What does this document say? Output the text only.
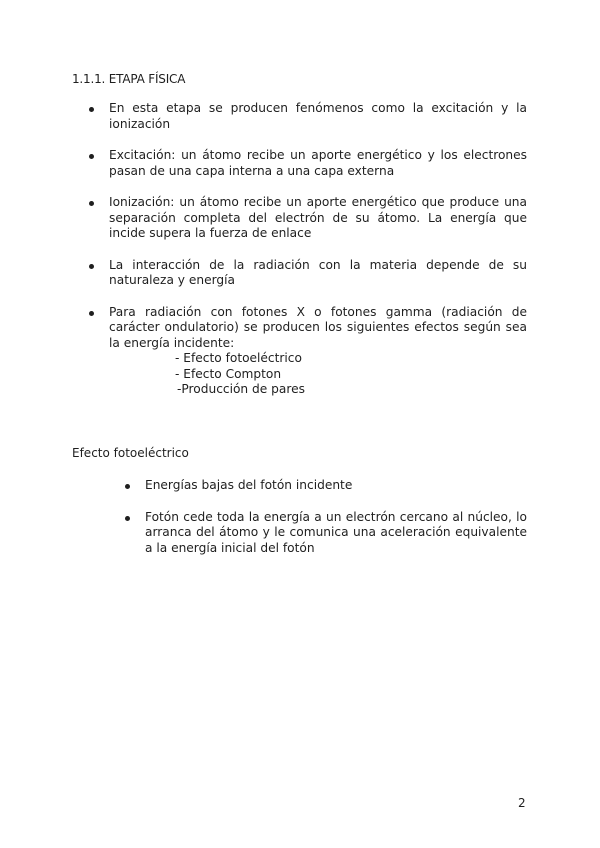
1.1.1. ETAPA FÍSICA
En esta etapa se producen fenómenos como la excitación y la ionización
Excitación: un átomo recibe un aporte energético y los electrones pasan de una capa interna a una capa externa
Ionización: un átomo recibe un aporte energético que produce una separación completa del electrón de su átomo. La energía que incide supera la fuerza de enlace
La interacción de la radiación con la materia depende de su naturaleza y energía
Para radiación con fotones X o fotones gamma (radiación de carácter ondulatorio) se producen los siguientes efectos según sea la energía incidente:
- Efecto fotoeléctrico
- Efecto Compton
-Producción de pares
Efecto fotoeléctrico
Energías bajas del fotón incidente
Fotón cede toda la energía a un electrón cercano al núcleo, lo arranca del átomo y le comunica una aceleración equivalente a la energía inicial del fotón
2
